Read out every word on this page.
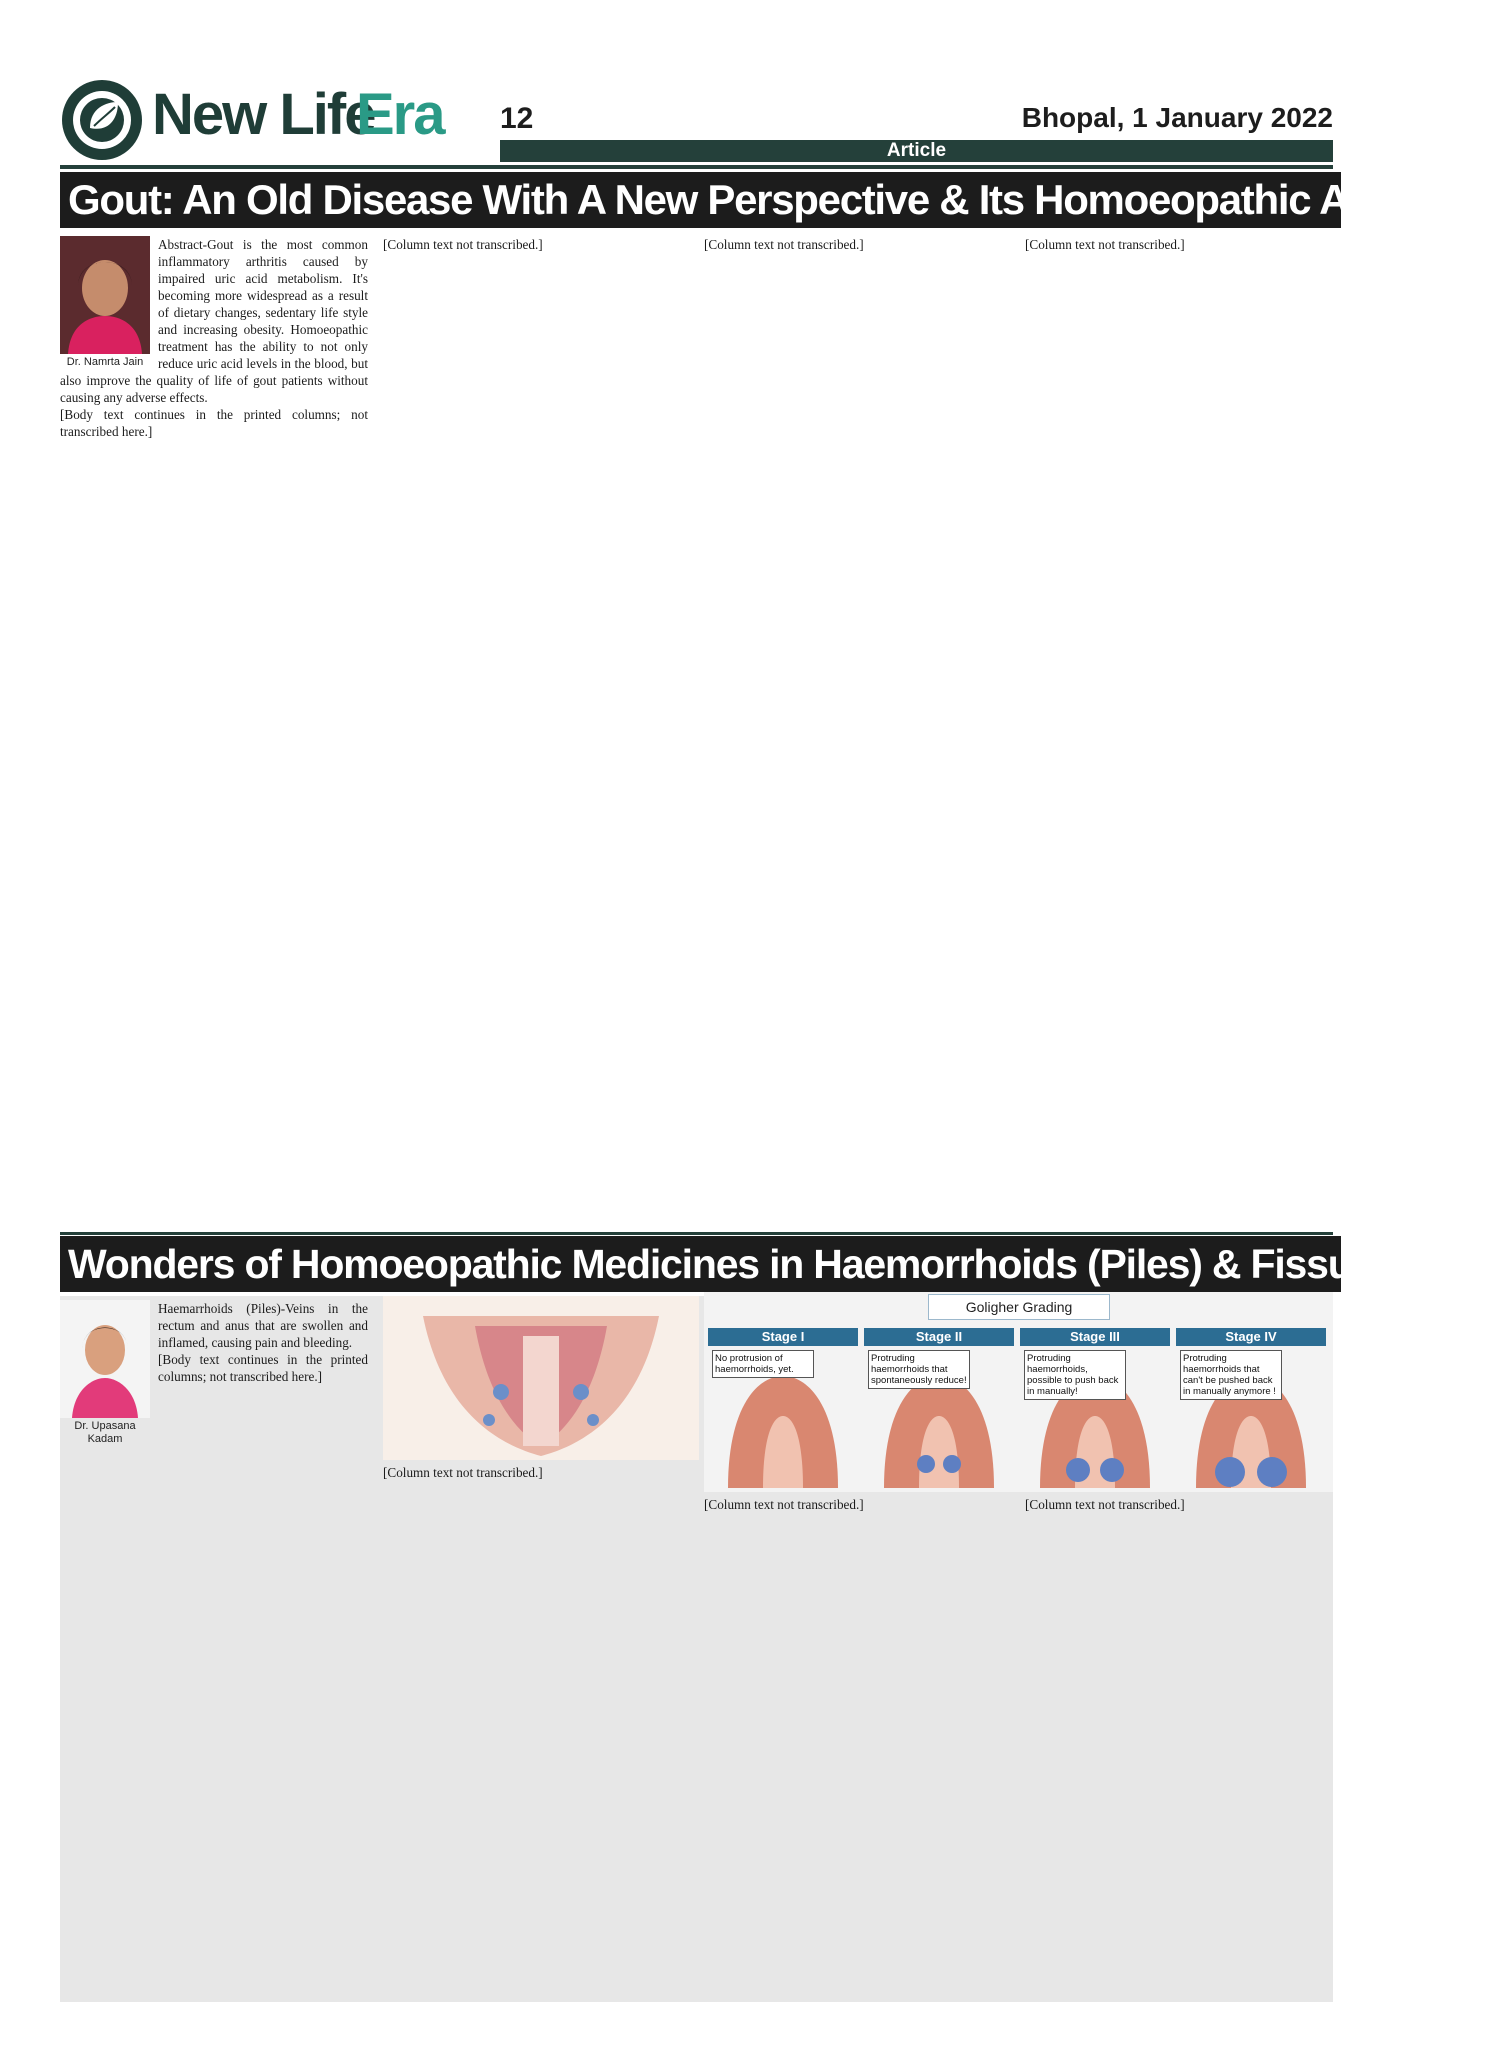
New Life
Era 12	Bhopal, 1 January 2022
Article
Gout: An Old Disease With A New Perspective & Its Homoeopathic Approach
Dr. Namrta Jain

Abstract-Gout is the most common inflammatory arthritis caused by impaired uric acid metabolism. It's becoming more widespread as a result of dietary changes, sedentary life style and increasing obesity. Homoeopathic treatment has the ability to not only reduce uric acid levels in the blood, but also improve the quality of life of gout patients without causing any adverse effects.

[Body text continues in the printed columns; not transcribed here.]

[Column text not transcribed.]	[Column text not transcribed.]	[Column text not transcribed.]

Wonders of Homoeopathic Medicines in Haemorrhoids (Piles) & Fissure
Goligher Grading
Stage I
No protrusion of haemorrhoids, yet.
Stage II
Protruding haemorrhoids that spontaneously reduce!
Stage III
Protruding haemorrhoids, possible to push back in manually!
Stage IV
Protruding haemorrhoids that can't be pushed back in manually anymore !
Dr. Upasana Kadam

Haemarrhoids (Piles)-Veins in the rectum and anus that are swollen and inflamed, causing pain and bleeding.

[Body text continues in the printed columns; not transcribed here.]

[Column text not transcribed.]

[Column text not transcribed.]	[Column text not transcribed.]
